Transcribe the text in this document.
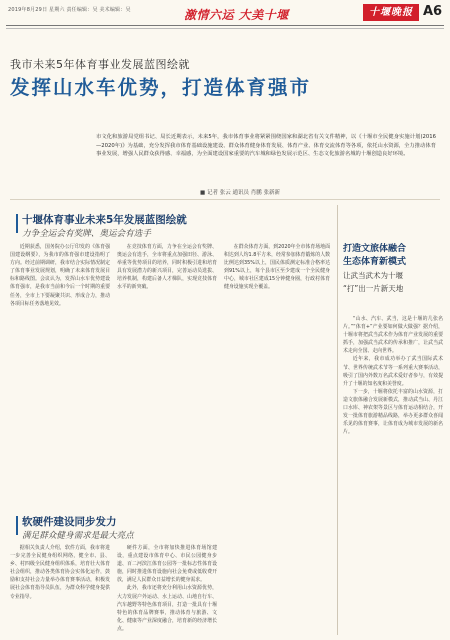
2019年8月29日 星期六 责任编辑：吴 美术编辑：吴	激情六运 大美十堰	十堰晚报 A6
我市未来5年体育事业发展蓝图绘就
发挥山水车优势，打造体育强市
市文化和旅游局党组书记、局长近期表示，未来5年，我市体育事业将紧紧围绕国家和湖北省有关文件精神，以《十堰市全民健身实施计划(2016—2020年)》为基础，充分发挥我市体育基础设施建设、群众体育健身体育发展、体育产业、体育交流体育等各项，依托山水资源，全力推动体育事业发展，增强人民群众获得感、幸福感，为全面建设国家重要的汽车城和绿色发展示范区、生态文化旅游名城的十堰创造良好环境。
■ 记者 张云 通讯员 肖鹏 张新新
十堰体育事业未来5年发展蓝图绘就
力争全运会有奖牌、奥运会有选手

近期获悉，国务院办公厅印发的《体育强国建设纲要》，为我市的体育强市建设指明了方向。经过前期调研，我市结合实际情况制定了体育事业发展规划，明确了未来体育发展目标和路线图。会议认为，发挥山水车优势建设体育强市，是我市当前和今后一个时期的重要任务，全市上下要凝聚共识、形成合力，推动各项目标任务落地见效。

在竞技体育方面，力争在全运会有奖牌、奥运会有选手，全市将重点加强田径、游泳、举重等优势项目的培养，同时积极引进和培育具有发展潜力的新兴项目，完善运动员选拔、培养机制，构建后备人才梯队，实现竞技体育水平的新突破。

在群众体育方面，到2020年全市体育场地面积达到人均1.8平方米，经常参加体育锻炼的人数比例达到35%以上，国民体质测定标准合格率达到91%以上，每个县市区至少建成一个全民健身中心，城市社区建成15分钟健身圈，行政村体育健身设施实现全覆盖。

软硬件建设同步发力
满足群众健身需求是最大亮点

据相关负责人介绍，软件方面，我市将进一步完善全民健身组织网络，健全市、县、乡、村四级全民健身组织体系，培育壮大体育社会组织，推动各类体育协会实体化运作，鼓励和支持社会力量举办体育赛事活动，积极发展社会体育指导员队伍，为群众科学健身提供专业指导。

硬件方面，全市将加快推进体育场馆建设，重点建设市体育中心、市民公园健身步道、百二河滨江体育公园等一批标志性体育设施，同时推进体育设施向社会免费或低收费开放，满足人民群众日益增长的健身需求。

此外，我市还将充分利用山水资源优势，大力发展户外运动、水上运动、山地自行车、汽车越野等特色体育项目，打造一批具有十堰特色的体育品牌赛事，推动体育与旅游、文化、健康等产业深度融合，培育新的经济增长点。

打造文旅体融合
生态体育新模式
让武当武术为十堰
“打”出一片新天地

“山水、汽车、武当，这是十堰的几张名片。”“体育+”产业要如何做大做强？据介绍，十堰市将把武当武术作为体育产业发展的重要抓手，加强武当武术的传承和推广，让武当武术走向全国、走向世界。

近年来，我市成功举办了武当国际武术节、世界传统武术节等一系列重大赛事活动，吸引了国内外数万名武术爱好者参与，有效提升了十堰的知名度和美誉度。

下一步，十堰将依托丰富的山水资源，打造文旅体融合发展新模式，推动武当山、丹江口水库、神农架等景区与体育运动相结合，开发一批体育旅游精品线路，举办更多群众喜闻乐见的体育赛事，让体育成为城市发展的新名片。
